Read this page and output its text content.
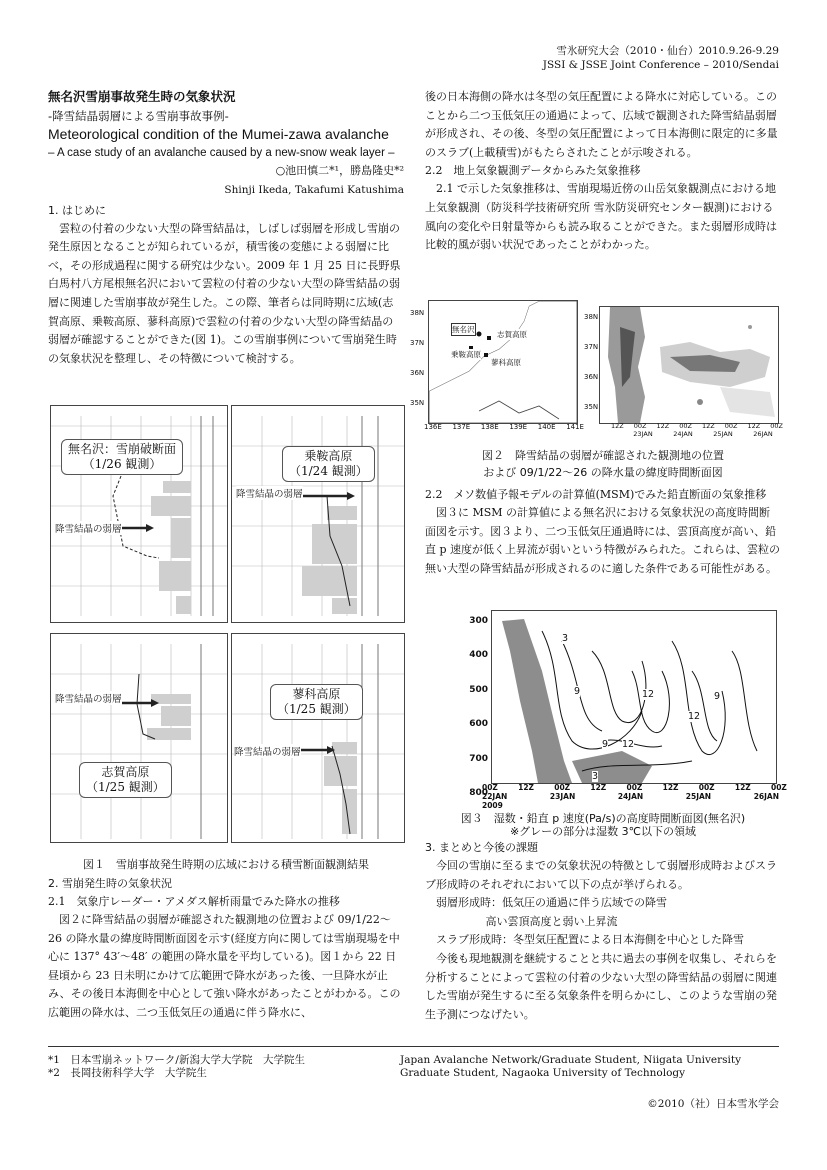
雪氷研究大会（2010・仙台）2010.9.26-9.29
JSSI & JSSE Joint Conference – 2010/Sendai
無名沢雪崩事故発生時の気象状況
-降雪結晶弱層による雪崩事故事例-
Meteorological condition of the Mumei-zawa avalanche
– A case study of an avalanche caused by a new-snow weak layer –
○池田慎二*¹，勝島隆史*²
Shinji Ikeda, Takafumi Katushima
1. はじめに

雲粒の付着の少ない大型の降雪結晶は，しばしば弱層を形成し雪崩の発生原因となることが知られているが，積雪後の変態による弱層に比べ，その形成過程に関する研究は少ない。2009 年 1 月 25 日に長野県白馬村八方尾根無名沢において雲粒の付着の少ない大型の降雪結晶の弱層に関連した雪崩事故が発生した。この際、筆者らは同時期に広域(志賀高原、乗鞍高原、蓼科高原)で雲粒の付着の少ない大型の降雪結晶の弱層が確認することができた(図 1)。この雪崩事例について雪崩発生時の気象状況を整理し、その特徴について検討する。

無名沢：雪崩破断面
（1/26 観測）
降雪結晶の弱層
乗鞍高原
（1/24 観測）
降雪結晶の弱層
降雪結晶の弱層
志賀高原
（1/25 観測）
蓼科高原
（1/25 観測）
降雪結晶の弱層
図１　雪崩事故発生時期の広域における積雪断面観測結果
2. 雪崩発生時の気象状況
2.1　気象庁レーダー・アメダス解析雨量でみた降水の推移

図２に降雪結晶の弱層が確認された観測地の位置および 09/1/22～26 の降水量の緯度時間断面図を示す(経度方向に関しては雪崩現場を中心に 137° 43′～48′ の範囲の降水量を平均している)。図１から 22 日昼頃から 23 日未明にかけて広範囲で降水があった後、一旦降水が止み、その後日本海側を中心として強い降水があったことがわかる。この広範囲の降水は、二つ玉低気圧の通過に伴う降水に、

後の日本海側の降水は冬型の気圧配置による降水に対応している。このことから二つ玉低気圧の通過によって、広域で観測された降雪結晶弱層が形成され、その後、冬型の気圧配置によって日本海側に限定的に多量のスラブ(上載積雪)がもたらされたことが示唆される。

2.2　地上気象観測データからみた気象推移

2.1 で示した気象推移は、雪崩現場近傍の山岳気象観測点における地上気象観測（防災科学技術研究所 雪氷防災研究センター観測)における風向の変化や日射量等からも読み取ることができた。また弱層形成時は比較的風が弱い状況であったことがわかった。

無名沢
志賀高原
乗鞍高原
蓼科高原
38N
37N
36N
35N
136E 137E 138E 139E 140E 141E
38N
37N
36N
35N
12Z 00Z 12Z 00Z 12Z 00Z 12Z 00Z
23JAN	24JAN	25JAN	26JAN
図２　降雪結晶の弱層が確認された観測地の位置
および 09/1/22～26 の降水量の緯度時間断面図
2.2　メソ数値予報モデルの計算値(MSM)でみた鉛直断面の気象推移

図３に MSM の計算値による無名沢における気象状況の高度時間断面図を示す。図３より、二つ玉低気圧通過時には、雲頂高度が高い、鉛直 p 速度が低く上昇流が弱いという特徴がみられた。これらは、雲粒の無い大型の降雪結晶が形成されるのに適した条件である可能性がある。

3
9	12	9
12
12
9
3
300
400
500
600
700
800
00Z	12Z	00Z	12Z	00Z	12Z	00Z	12Z	00Z
22JAN	23JAN	24JAN	25JAN	26JAN
2009
図３　湿数・鉛直 p 速度(Pa/s)の高度時間断面図(無名沢)
※グレーの部分は湿数 3℃以下の領域
3. まとめと今後の課題

今回の雪崩に至るまでの気象状況の特徴として弱層形成時およびスラブ形成時のそれぞれにおいて以下の点が挙げられる。

弱層形成時：低気圧の通過に伴う広域での降雪
高い雲頂高度と弱い上昇流
スラブ形成時：冬型気圧配置による日本海側を中心とした降雪

今後も現地観測を継続することと共に過去の事例を収集し、それらを分析することによって雲粒の付着の少ない大型の降雪結晶の弱層に関連した雪崩が発生するに至る気象条件を明らかにし、このような雪崩の発生予測につなげたい。

*1　日本雪崩ネットワーク/新潟大学大学院　大学院生
*2　長岡技術科学大学　大学院生
Japan Avalanche Network/Graduate Student, Niigata University
Graduate Student, Nagaoka University of Technology
©2010（社）日本雪氷学会
